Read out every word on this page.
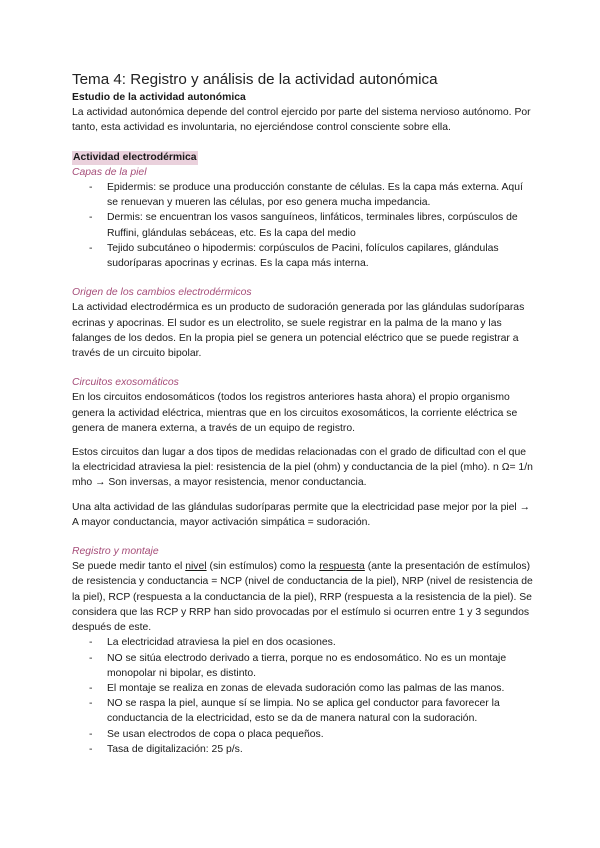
Tema 4: Registro y análisis de la actividad autonómica

Estudio de la actividad autonómica

La actividad autonómica depende del control ejercido por parte del sistema nervioso autónomo. Por tanto, esta actividad es involuntaria, no ejerciéndose control consciente sobre ella.

Actividad electrodérmica

Capas de la piel

- Epidermis: se produce una producción constante de células. Es la capa más externa. Aquí se renuevan y mueren las células, por eso genera mucha impedancia.
- Dermis: se encuentran los vasos sanguíneos, linfáticos, terminales libres, corpúsculos de Ruffini, glándulas sebáceas, etc. Es la capa del medio
- Tejido subcutáneo o hipodermis: corpúsculos de Pacini, folículos capilares, glándulas sudoríparas apocrinas y ecrinas. Es la capa más interna.

Origen de los cambios electrodérmicos

La actividad electrodérmica es un producto de sudoración generada por las glándulas sudoríparas ecrinas y apocrinas. El sudor es un electrolito, se suele registrar en la palma de la mano y las falanges de los dedos. En la propia piel se genera un potencial eléctrico que se puede registrar a través de un circuito bipolar.

Circuitos exosomáticos

En los circuitos endosomáticos (todos los registros anteriores hasta ahora) el propio organismo genera la actividad eléctrica, mientras que en los circuitos exosomáticos, la corriente eléctrica se genera de manera externa, a través de un equipo de registro.

Estos circuitos dan lugar a dos tipos de medidas relacionadas con el grado de dificultad con el que la electricidad atraviesa la piel: resistencia de la piel (ohm) y conductancia de la piel (mho). n Ω= 1/n mho → Son inversas, a mayor resistencia, menor conductancia.

Una alta actividad de las glándulas sudoríparas permite que la electricidad pase mejor por la piel → A mayor conductancia, mayor activación simpática = sudoración.

Registro y montaje

Se puede medir tanto el nivel (sin estímulos) como la respuesta (ante la presentación de estímulos) de resistencia y conductancia = NCP (nivel de conductancia de la piel), NRP (nivel de resistencia de la piel), RCP (respuesta a la conductancia de la piel), RRP (respuesta a la resistencia de la piel). Se considera que las RCP y RRP han sido provocadas por el estímulo si ocurren entre 1 y 3 segundos después de este.

- La electricidad atraviesa la piel en dos ocasiones.
- NO se sitúa electrodo derivado a tierra, porque no es endosomático. No es un montaje monopolar ni bipolar, es distinto.
- El montaje se realiza en zonas de elevada sudoración como las palmas de las manos.
- NO se raspa la piel, aunque sí se limpia. No se aplica gel conductor para favorecer la conductancia de la electricidad, esto se da de manera natural con la sudoración.
- Se usan electrodos de copa o placa pequeños.
- Tasa de digitalización: 25 p/s.
